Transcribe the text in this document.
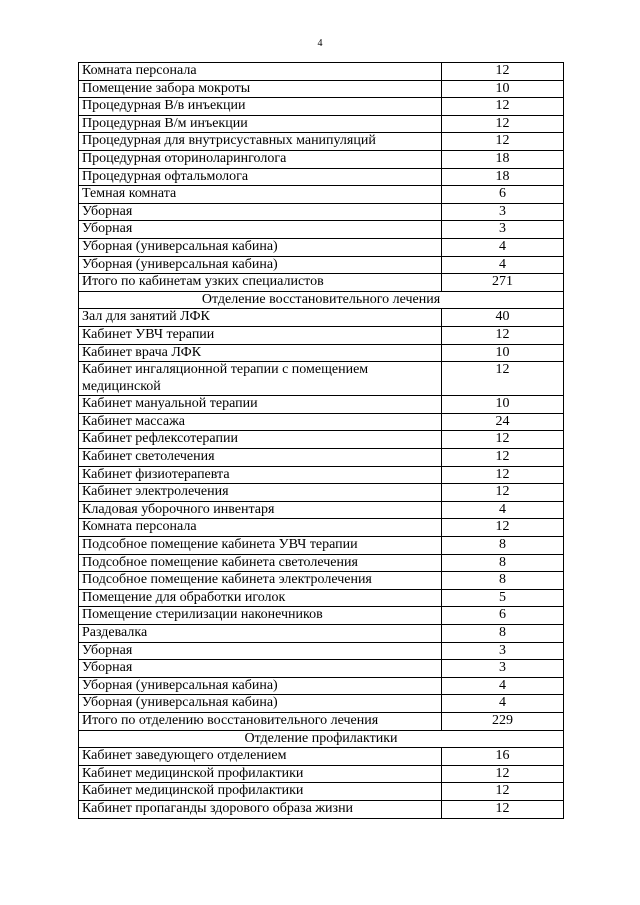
4
Комната персонала	12
Помещение забора мокроты	10
Процедурная В/в инъекции	12
Процедурная В/м инъекции	12
Процедурная для внутрисуставных манипуляций	12
Процедурная оториноларинголога	18
Процедурная офтальмолога	18
Темная комната	6
Уборная	3
Уборная	3
Уборная (универсальная кабина)	4
Уборная (универсальная кабина)	4
Итого по кабинетам узких специалистов	271
Отделение восстановительного лечения	
Зал для занятий ЛФК	40
Кабинет УВЧ терапии	12
Кабинет врача ЛФК	10
Кабинет ингаляционной терапии с помещением медицинской	12
Кабинет мануальной терапии	10
Кабинет массажа	24
Кабинет рефлексотерапии	12
Кабинет светолечения	12
Кабинет физиотерапевта	12
Кабинет электролечения	12
Кладовая уборочного инвентаря	4
Комната персонала	12
Подсобное помещение кабинета УВЧ терапии	8
Подсобное помещение кабинета светолечения	8
Подсобное помещение кабинета электролечения	8
Помещение для обработки иголок	5
Помещение стерилизации наконечников	6
Раздевалка	8
Уборная	3
Уборная	3
Уборная (универсальная кабина)	4
Уборная (универсальная кабина)	4
Итого по отделению восстановительного лечения	229
Отделение профилактики	
Кабинет заведующего отделением	16
Кабинет медицинской профилактики	12
Кабинет медицинской профилактики	12
Кабинет пропаганды здорового образа жизни	12
